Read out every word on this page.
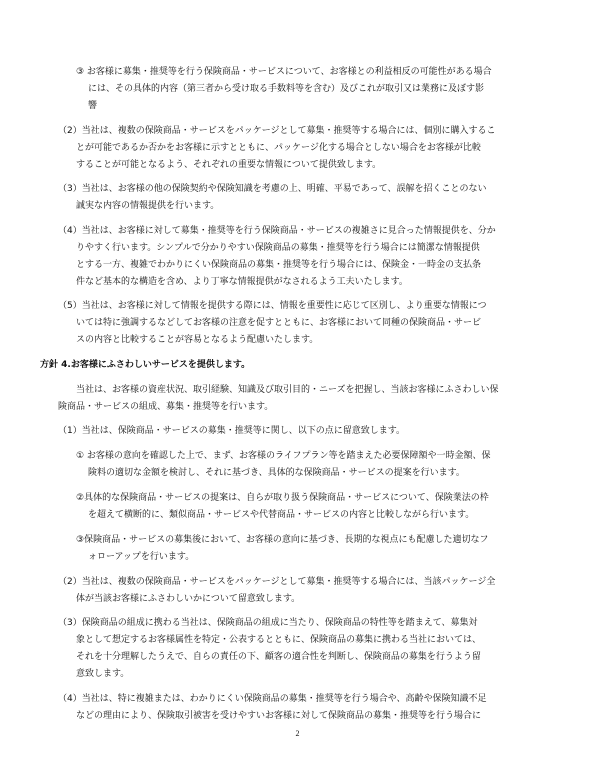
③ お客様に募集・推奨等を行う保険商品・サービスについて、お客様との利益相反の可能性がある場合
には、その具体的内容（第三者から受け取る手数料等を含む）及びこれが取引又は業務に及ぼす影
響
（2）当社は、複数の保険商品・サービスをパッケージとして募集・推奨等する場合には、個別に購入するこ
とが可能であるか否かをお客様に示すとともに、パッケージ化する場合としない場合をお客様が比較
することが可能となるよう、それぞれの重要な情報について提供致します。
（3）当社は、お客様の他の保険契約や保険知識を考慮の上、明確、平易であって、誤解を招くことのない
誠実な内容の情報提供を行います。
（4）当社は、お客様に対して募集・推奨等を行う保険商品・サービスの複雑さに見合った情報提供を、分か
りやすく行います。シンプルで分かりやすい保険商品の募集・推奨等を行う場合には簡潔な情報提供
とする一方、複雑でわかりにくい保険商品の募集・推奨等を行う場合には、保険金・一時金の支払条
件など基本的な構造を含め、より丁寧な情報提供がなされるよう工夫いたします。
（5）当社は、お客様に対して情報を提供する際には、情報を重要性に応じて区別し、より重要な情報につ
いては特に強調するなどしてお客様の注意を促すとともに、お客様において同種の保険商品・サービ
スの内容と比較することが容易となるよう配慮いたします。
方針 4.お客様にふさわしいサービスを提供します。
当社は、お客様の資産状況、取引経験、知識及び取引目的・ニーズを把握し、当該お客様にふさわしい保
険商品・サービスの組成、募集・推奨等を行います。
（1）当社は、保険商品・サービスの募集・推奨等に関し、以下の点に留意致します。
① お客様の意向を確認した上で、まず、お客様のライフプラン等を踏まえた必要保障額や一時金額、保
険料の適切な金額を検討し、それに基づき、具体的な保険商品・サービスの提案を行います。
②具体的な保険商品・サービスの提案は、自らが取り扱う保険商品・サービスについて、保険業法の枠
を超えて横断的に、類似商品・サービスや代替商品・サービスの内容と比較しながら行います。
③保険商品・サービスの募集後において、お客様の意向に基づき、長期的な視点にも配慮した適切なフ
ォローアップを行います。
（2）当社は、複数の保険商品・サービスをパッケージとして募集・推奨等する場合には、当該パッケージ全
体が当該お客様にふさわしいかについて留意致します。
（3）保険商品の組成に携わる当社は、保険商品の組成に当たり、保険商品の特性等を踏まえて、募集対
象として想定するお客様属性を特定・公表するとともに、保険商品の募集に携わる当社においては、
それを十分理解したうえで、自らの責任の下、顧客の適合性を判断し、保険商品の募集を行うよう留
意致します。
（4）当社は、特に複雑または、わかりにくい保険商品の募集・推奨等を行う場合や、高齢や保険知識不足
などの理由により、保険取引被害を受けやすいお客様に対して保険商品の募集・推奨等を行う場合に
2
